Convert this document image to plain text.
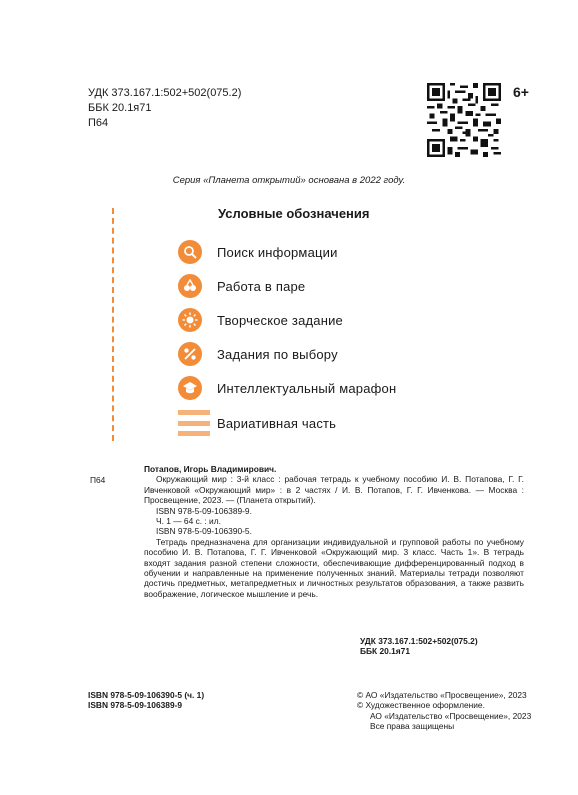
УДК 373.167.1:502+502(075.2)
ББК 20.1я71
П64
6+
Серия «Планета открытий» основана в 2022 году.
Условные обозначения
Поиск информации
Работа в паре
Творческое задание
Задания по выбору
Интеллектуальный марафон
Вариативная часть
П64
Потапов, Игорь Владимирович.

Окружающий мир : 3-й класс : рабочая тетрадь к учебному пособию И. В. Потапова, Г. Г. Ивченковой «Окружающий мир» : в 2 частях / И. В. Потапов, Г. Г. Ивченкова. — Москва : Просвещение, 2023. — (Планета открытий).

ISBN 978-5-09-106389-9.
Ч. 1 — 64 с. : ил.
ISBN 978-5-09-106390-5.

Тетрадь предназначена для организации индивидуальной и групповой работы по учебному пособию И. В. Потапова, Г. Г. Ивченковой «Окружающий мир. 3 класс. Часть 1». В тетрадь входят задания разной степени сложности, обеспечивающие дифференцированный подход в обучении и направленные на применение полученных знаний. Материалы тетради позволяют достичь предметных, метапредметных и личностных результатов образования, а также развить воображение, логическое мышление и речь.

УДК 373.167.1:502+502(075.2)
ББК 20.1я71
ISBN 978-5-09-106390-5 (ч. 1)
ISBN 978-5-09-106389-9
© АО «Издательство «Просвещение», 2023
© Художественное оформление.
АО «Издательство «Просвещение», 2023
Все права защищены
